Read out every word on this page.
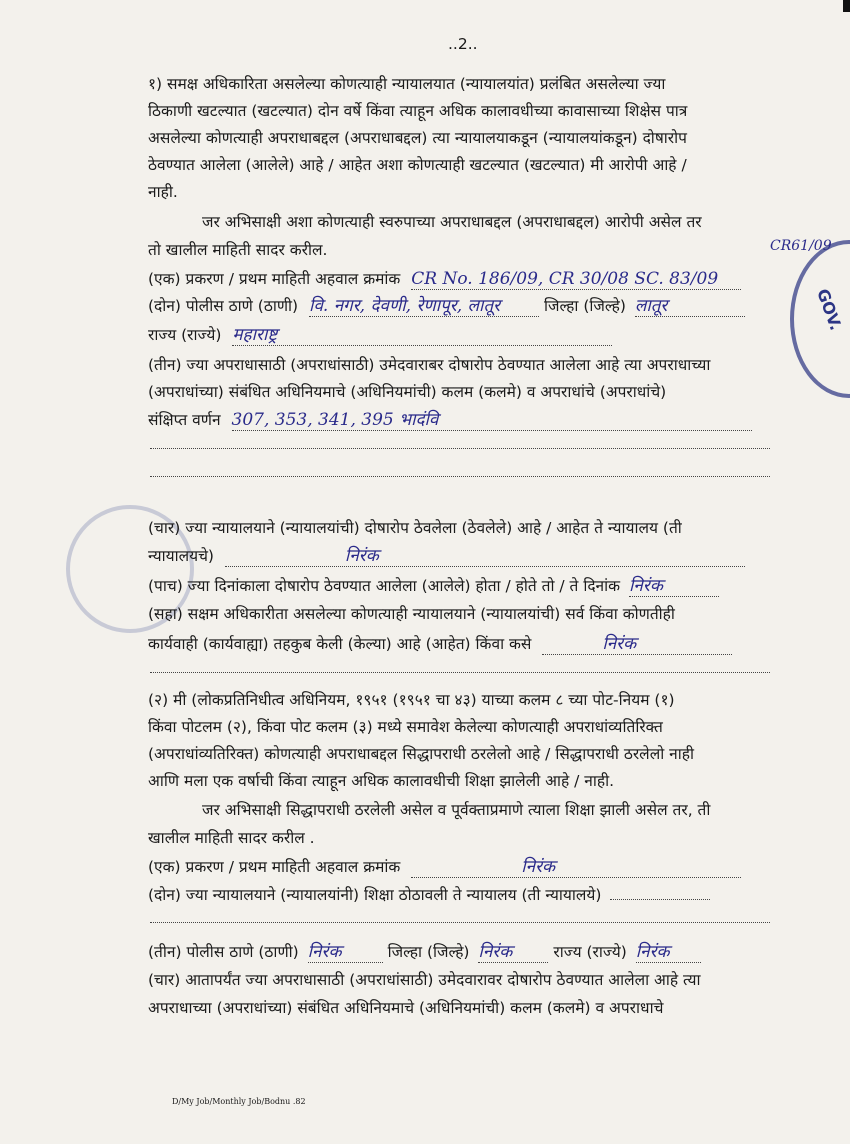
GOV.
..2..
१) समक्ष अधिकारिता असलेल्या कोणत्याही न्यायालयात (न्यायालयांत) प्रलंबित असलेल्या ज्या
ठिकाणी खटल्यात (खटल्यात) दोन वर्षे किंवा त्याहून अधिक कालावधीच्या कावासाच्या शिक्षेस पात्र
असलेल्या कोणत्याही अपराधाबद्दल (अपराधाबद्दल) त्या न्यायालयाकडून (न्यायालयांकडून) दोषारोप
ठेवण्यात आलेला (आलेले) आहे / आहेत अशा कोणत्याही खटल्यात (खटल्यात) मी आरोपी आहे /
नाही.
जर अभिसाक्षी अशा कोणत्याही स्वरुपाच्या अपराधाबद्दल (अपराधाबद्दल) आरोपी असेल तर
तो खालील माहिती सादर करील.	CR61/09
(एक) प्रकरण / प्रथम माहिती अहवाल क्रमांक CR No. 186/09, CR 30/08 SC. 83/09
(दोन) पोलीस ठाणे (ठाणी) वि. नगर, देवणी, रेणापूर, लातूर	जिल्हा (जिल्हे) लातूर
राज्य (राज्ये) महाराष्ट्र
(तीन) ज्या अपराधासाठी (अपराधांसाठी) उमेदवाराबर दोषारोप ठेवण्यात आलेला आहे त्या अपराधाच्या
(अपराधांच्या) संबंधित अधिनियमाचे (अधिनियमांची) कलम (कलमे) व अपराधांचे (अपराधांचे)
संक्षिप्त वर्णन 307, 353, 341, 395 भादंवि
(चार) ज्या न्यायालयाने (न्यायालयांची) दोषारोप ठेवलेला (ठेवलेले) आहे / आहेत ते न्यायालय (ती
न्यायालयचे)	निरंक
(पाच) ज्या दिनांकाला दोषारोप ठेवण्यात आलेला (आलेले) होता / होते तो / ते दिनांक निरंक
(सहा) सक्षम अधिकारीता असलेल्या कोणत्याही न्यायालयाने (न्यायालयांची) सर्व किंवा कोणतीही
कार्यवाही (कार्यवाह्या) तहकुब केली (केल्या) आहे (आहेत) किंवा कसे	निरंक
(२) मी (लोकप्रतिनिधीत्व अधिनियम, १९५१ (१९५१ चा ४३) याच्या कलम ८ च्या पोट-नियम (१)
किंवा पोटलम (२), किंवा पोट कलम (३) मध्ये समावेश केलेल्या कोणत्याही अपराधांव्यतिरिक्त
(अपराधांव्यतिरिक्त) कोणत्याही अपराधाबद्दल सिद्धापराधी ठरलेलो आहे / सिद्धापराधी ठरलेलो नाही
आणि मला एक वर्षाची किंवा त्याहून अधिक कालावधीची शिक्षा झालेली आहे / नाही.
जर अभिसाक्षी सिद्धापराधी ठरलेली असेल व पूर्वक्ताप्रमाणे त्याला शिक्षा झाली असेल तर, ती
खालील माहिती सादर करील .
(एक) प्रकरण / प्रथम माहिती अहवाल क्रमांक	निरंक
(दोन) ज्या न्यायालयाने (न्यायालयांनी) शिक्षा ठोठावली ते न्यायालय (ती न्यायालये)
(तीन) पोलीस ठाणे (ठाणी) निरंक	जिल्हा (जिल्हे) निरंक	राज्य (राज्ये) निरंक
(चार) आतापर्यंत ज्या अपराधासाठी (अपराधांसाठी) उमेदवारावर दोषारोप ठेवण्यात आलेला आहे त्या
अपराधाच्या (अपराधांच्या) संबंधित अधिनियमाचे (अधिनियमांची) कलम (कलमे) व अपराधाचे
D/My Job/Monthly Job/Bodnu .82
